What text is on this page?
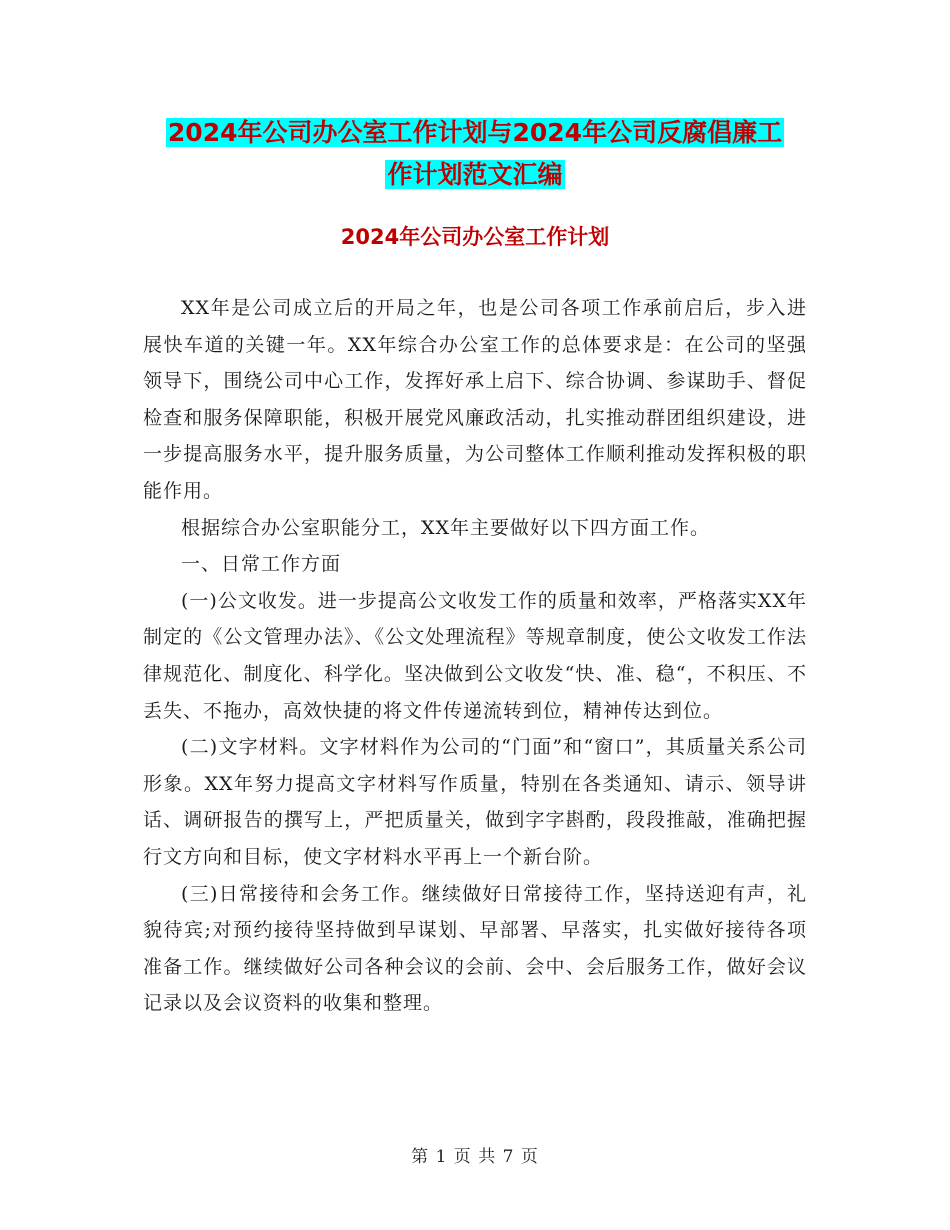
2024年公司办公室工作计划与2024年公司反腐倡廉工
作计划范文汇编
2024年公司办公室工作计划

XX年是公司成立后的开局之年，也是公司各项工作承前启后，步入进展快车道的关键一年。XX年综合办公室工作的总体要求是：在公司的坚强领导下，围绕公司中心工作，发挥好承上启下、综合协调、参谋助手、督促检查和服务保障职能，积极开展党风廉政活动，扎实推动群团组织建设，进一步提高服务水平，提升服务质量，为公司整体工作顺利推动发挥积极的职能作用。

根据综合办公室职能分工，XX年主要做好以下四方面工作。

一、日常工作方面

(一)公文收发。进一步提高公文收发工作的质量和效率，严格落实XX年制定的《公文管理办法》、《公文处理流程》等规章制度，使公文收发工作法律规范化、制度化、科学化。坚决做到公文收发“快、准、稳“，不积压、不丢失、不拖办，高效快捷的将文件传递流转到位，精神传达到位。

(二)文字材料。文字材料作为公司的“门面”和“窗口”，其质量关系公司形象。XX年努力提高文字材料写作质量，特别在各类通知、请示、领导讲话、调研报告的撰写上，严把质量关，做到字字斟酌，段段推敲，准确把握行文方向和目标，使文字材料水平再上一个新台阶。

(三)日常接待和会务工作。继续做好日常接待工作，坚持送迎有声，礼貌待宾;对预约接待坚持做到早谋划、早部署、早落实，扎实做好接待各项准备工作。继续做好公司各种会议的会前、会中、会后服务工作，做好会议记录以及会议资料的收集和整理。

第 1 页 共 7 页
